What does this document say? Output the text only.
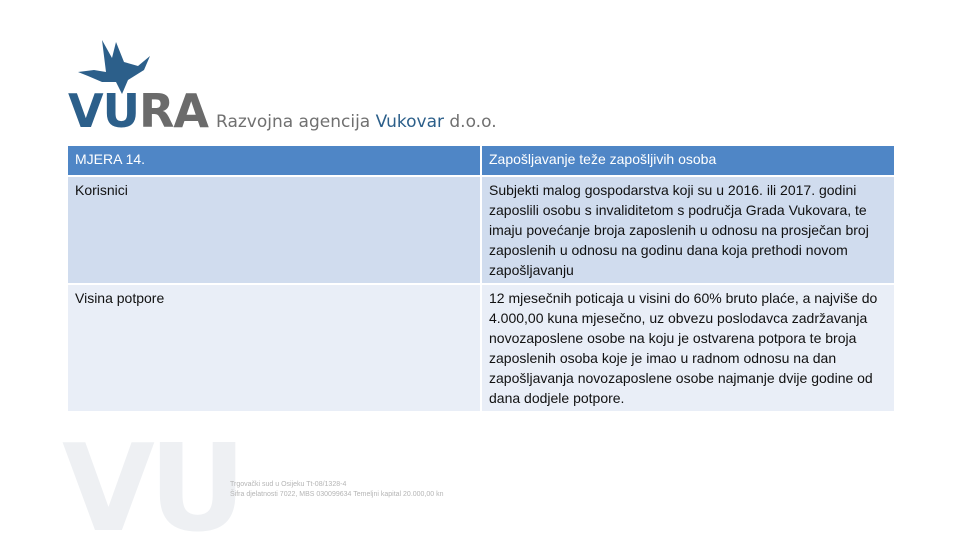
VURA Razvojna agencija Vukovar d.o.o.
MJERA 14.	Zapošljavanje teže zapošljivih osoba
Korisnici	Subjekti malog gospodarstva koji su u 2016. ili 2017. godini zaposlili osobu s invaliditetom s područja Grada Vukovara, te imaju povećanje broja zaposlenih u odnosu na prosječan broj zaposlenih u odnosu na godinu dana koja prethodi novom zapošljavanju
Visina potpore	12 mjesečnih poticaja u visini do 60% bruto plaće, a najviše do 4.000,00 kuna mjesečno, uz obvezu poslodavca zadržavanja novozaposlene osobe na koju je ostvarena potpora te broja zaposlenih osoba koje je imao u radnom odnosu na dan zapošljavanja novozaposlene osobe najmanje dvije godine od dana dodjele potpore.
VU
Trgovački sud u Osijeku Tt-08/1328-4
Šifra djelatnosti 7022, MBS 030099634 Temeljni kapital 20.000,00 kn
